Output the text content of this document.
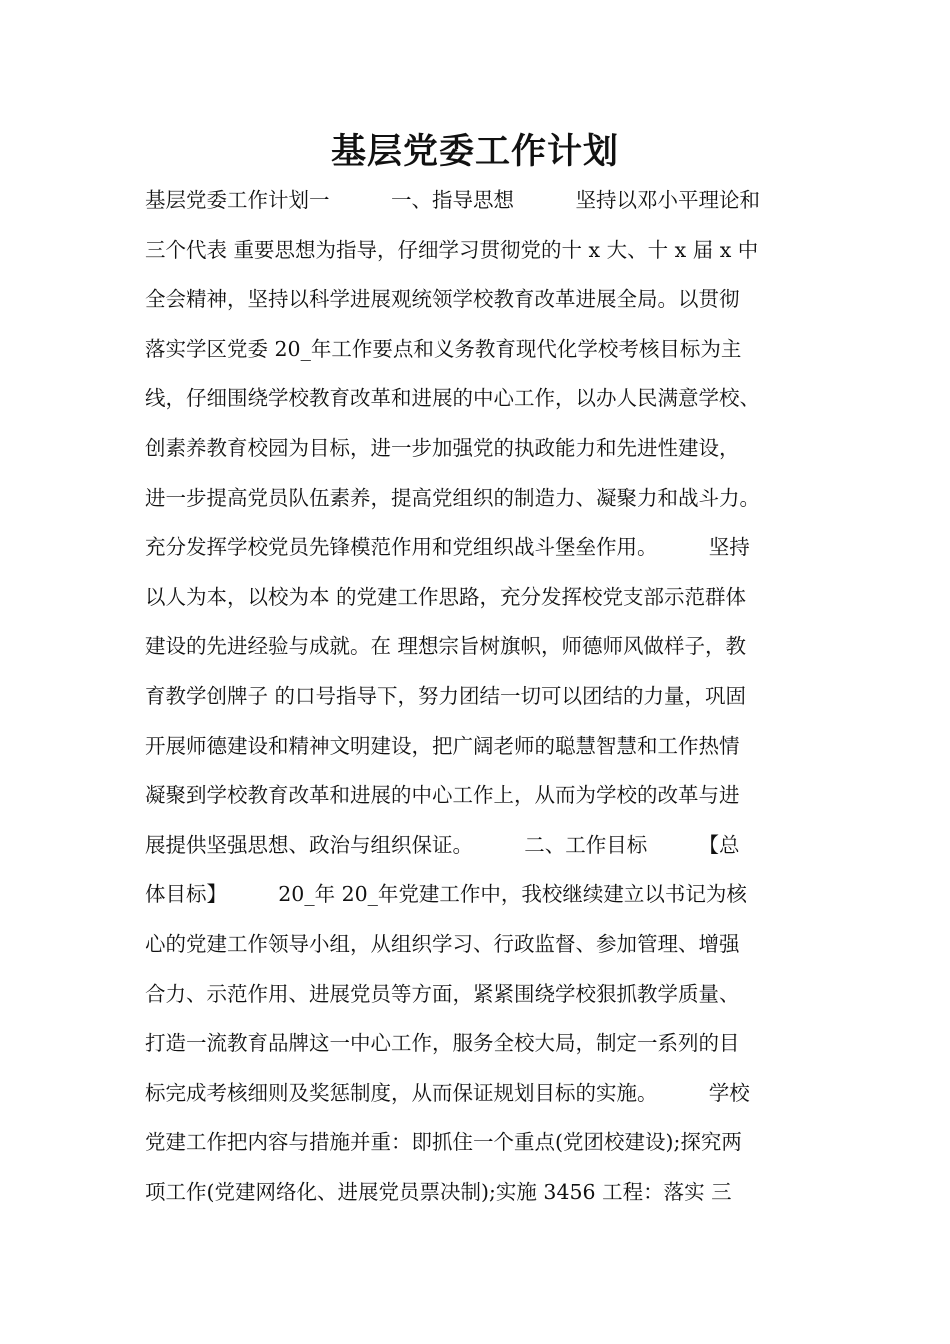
基层党委工作计划
基层党委工作计划一　　　一、指导思想　　　坚持以邓小平理论和
三个代表 重要思想为指导，仔细学习贯彻党的十 x 大、十 x 届 x 中
全会精神，坚持以科学进展观统领学校教育改革进展全局。以贯彻
落实学区党委 20_年工作要点和义务教育现代化学校考核目标为主
线，仔细围绕学校教育改革和进展的中心工作，以办人民满意学校、
创素养教育校园为目标，进一步加强党的执政能力和先进性建设，
进一步提高党员队伍素养，提高党组织的制造力、凝聚力和战斗力。
充分发挥学校党员先锋模范作用和党组织战斗堡垒作用。　　　坚持
以人为本，以校为本 的党建工作思路，充分发挥校党支部示范群体
建设的先进经验与成就。在 理想宗旨树旗帜，师德师风做样子，教
育教学创牌子 的口号指导下，努力团结一切可以团结的力量，巩固
开展师德建设和精神文明建设，把广阔老师的聪慧智慧和工作热情
凝聚到学校教育改革和进展的中心工作上，从而为学校的改革与进
展提供坚强思想、政治与组织保证。　　　二、工作目标　　　【总
体目标】　　　20_年 20_年党建工作中，我校继续建立以书记为核
心的党建工作领导小组，从组织学习、行政监督、参加管理、增强
合力、示范作用、进展党员等方面，紧紧围绕学校狠抓教学质量、
打造一流教育品牌这一中心工作，服务全校大局，制定一系列的目
标完成考核细则及奖惩制度，从而保证规划目标的实施。　　　学校
党建工作把内容与措施并重：即抓住一个重点(党团校建设);探究两
项工作(党建网络化、进展党员票决制);实施 3456 工程：落实 三
